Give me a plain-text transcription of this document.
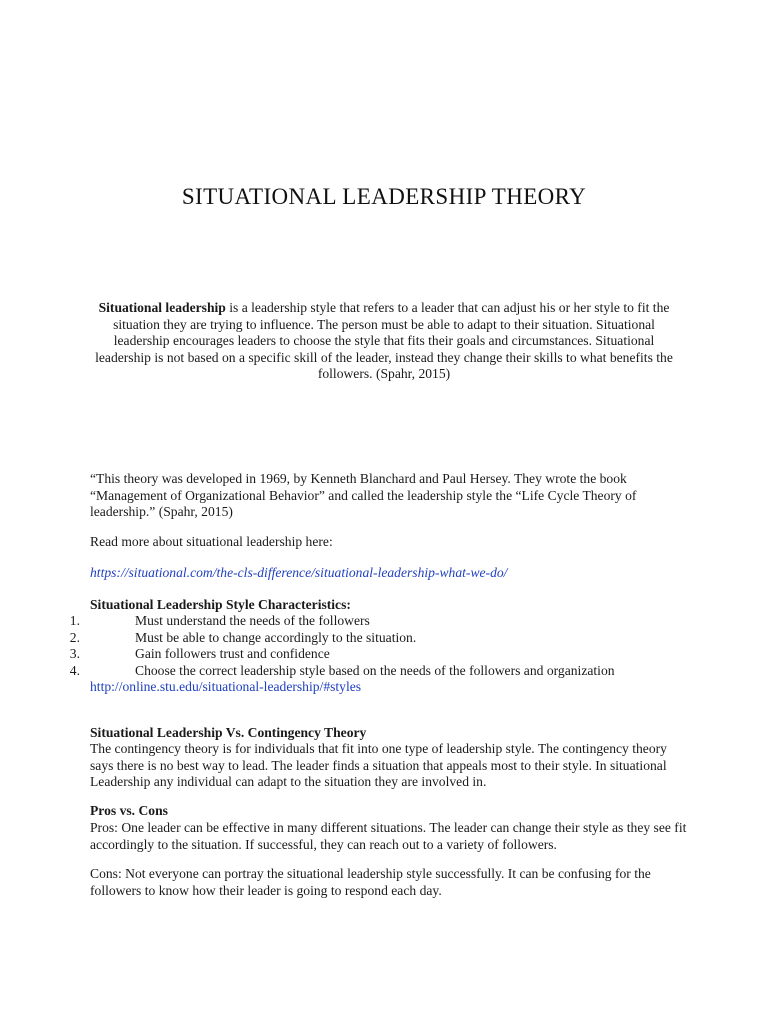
SITUATIONAL LEADERSHIP THEORY

Situational leadership is a leadership style that refers to a leader that can adjust his or her style to fit the situation they are trying to influence. The person must be able to adapt to their situation. Situational leadership encourages leaders to choose the style that fits their goals and circumstances. Situational leadership is not based on a specific skill of the leader, instead they change their skills to what benefits the followers. (Spahr, 2015)

“This theory was developed in 1969, by Kenneth Blanchard and Paul Hersey. They wrote the book “Management of Organizational Behavior” and called the leadership style the “Life Cycle Theory of leadership.” (Spahr, 2015)

Read more about situational leadership here:

https://situational.com/the-cls-difference/situational-leadership-what-we-do/

Situational Leadership Style Characteristics:

1.	Must understand the needs of the followers
2.	Must be able to change accordingly to the situation.
3.	Gain followers trust and confidence
4.	Choose the correct leadership style based on the needs of the followers and organization

http://online.stu.edu/situational-leadership/#styles

Situational Leadership Vs. Contingency Theory

The contingency theory is for individuals that fit into one type of leadership style. The contingency theory says there is no best way to lead. The leader finds a situation that appeals most to their style. In situational Leadership any individual can adapt to the situation they are involved in.

Pros vs. Cons

Pros: One leader can be effective in many different situations. The leader can change their style as they see fit accordingly to the situation. If successful, they can reach out to a variety of followers.

Cons: Not everyone can portray the situational leadership style successfully. It can be confusing for the followers to know how their leader is going to respond each day.
